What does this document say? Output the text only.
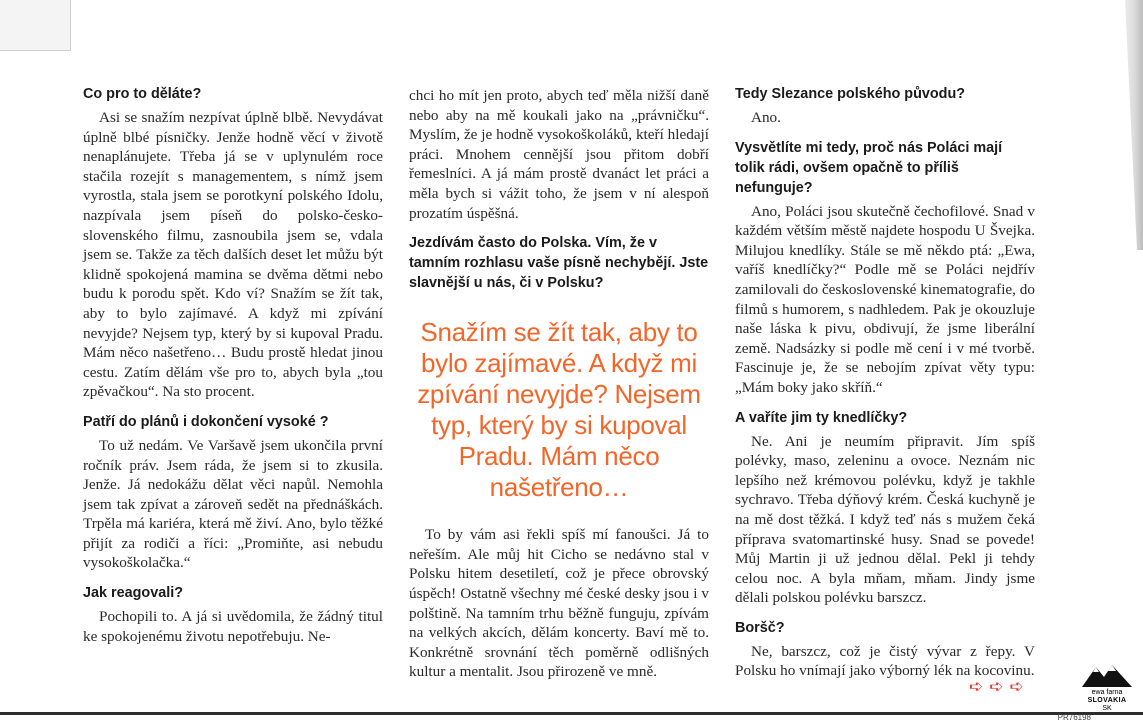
Co pro to děláte?
Asi se snažím nezpívat úplně blbě. Nevydávat úplně blbé písničky. Jenže hodně věcí v životě nenaplánujete. Třeba já se v uplynulém roce stačila rozejít s managementem, s nímž jsem vyrostla, stala jsem se porotkyní polského Idolu, nazpívala jsem píseň do polsko-česko-slovenského filmu, zasnoubila jsem se, vdala jsem se. Takže za těch dalších deset let můžu být klidně spokojená mamina se dvěma dětmi nebo budu k porodu spět. Kdo ví? Snažím se žít tak, aby to bylo zajímavé. A když mi zpívání nevyjde? Nejsem typ, který by si kupoval Pradu. Mám něco našetřeno… Budu prostě hledat jinou cestu. Zatím dělám vše pro to, abych byla „tou zpěvačkou“. Na sto procent.
Patří do plánů i dokončení vysoké ?
To už nedám. Ve Varšavě jsem ukončila první ročník práv. Jsem ráda, že jsem si to zkusila. Jenže. Já nedokážu dělat věci napůl. Nemohla jsem tak zpívat a zároveň sedět na přednáškách. Trpěla má kariéra, která mě živí. Ano, bylo těžké přijít za rodiči a říci: „Promiňte, asi nebudu vysokoškolačka.“
Jak reagovali?
Pochopili to. A já si uvědomila, že žádný titul ke spokojenému životu nepotřebuju. Ne-
chci ho mít jen proto, abych teď měla nižší daně nebo aby na mě koukali jako na „právničku“. Myslím, že je hodně vysokoškoláků, kteří hledají práci. Mnohem cennější jsou přitom dobří řemeslníci. A já mám prostě dvanáct let práci a měla bych si vážit toho, že jsem v ní alespoň prozatím úspěšná.
Jezdívám často do Polska. Vím, že v tamním rozhlasu vaše písně nechybějí. Jste slavnější u nás, či v Polsku?
Snažím se žít tak, aby to bylo zajímavé. A když mi zpívání nevyjde? Nejsem typ, který by si kupoval Pradu. Mám něco našetřeno…
To by vám asi řekli spíš mí fanoušci. Já to neřeším. Ale můj hit Cicho se nedávno stal v Polsku hitem desetiletí, což je přece obrovský úspěch! Ostatně všechny mé české desky jsou i v polštině. Na tamním trhu běžně funguju, zpívám na velkých akcích, dělám koncerty. Baví mě to. Konkrétně srovnání těch poměrně odlišných kultur a mentalit. Jsou přirozeně ve mně.
Tedy Slezance polského původu?
Ano.
Vysvětlíte mi tedy, proč nás Poláci mají tolik rádi, ovšem opačně to příliš nefunguje?
Ano, Poláci jsou skutečně čechofilové. Snad v každém větším městě najdete hospodu U Švejka. Milujou knedlíky. Stále se mě někdo ptá: „Ewa, vaříš knedlíčky?“ Podle mě se Poláci nejdřív zamilovali do československé kinematografie, do filmů s humorem, s nadhledem. Pak je okouzluje naše láska k pivu, obdivují, že jsme liberální země. Nadsázky si podle mě cení i v mé tvorbě. Fascinuje je, že se nebojím zpívat věty typu: „Mám boky jako skříň.“
A vaříte jim ty knedlíčky?
Ne. Ani je neumím připravit. Jím spíš polévky, maso, zeleninu a ovoce. Neznám nic lepšího než krémovou polévku, když je takhle sychravo. Třeba dýňový krém. Česká kuchyně je na mě dost těžká. I když teď nás s mužem čeká příprava svatomartinské husy. Snad se povede! Můj Martin ji už jednou dělal. Pekl ji tehdy celou noc. A byla mňam, mňam. Jindy jsme dělali polskou polévku barszcz.
Boršč?
Ne, barszcz, což je čistý vývar z řepy. V Polsku ho vnímají jako výborný lék na kocovinu.
➪➪➪	ewa farna
SLOVAKIA
SK
PR76198
